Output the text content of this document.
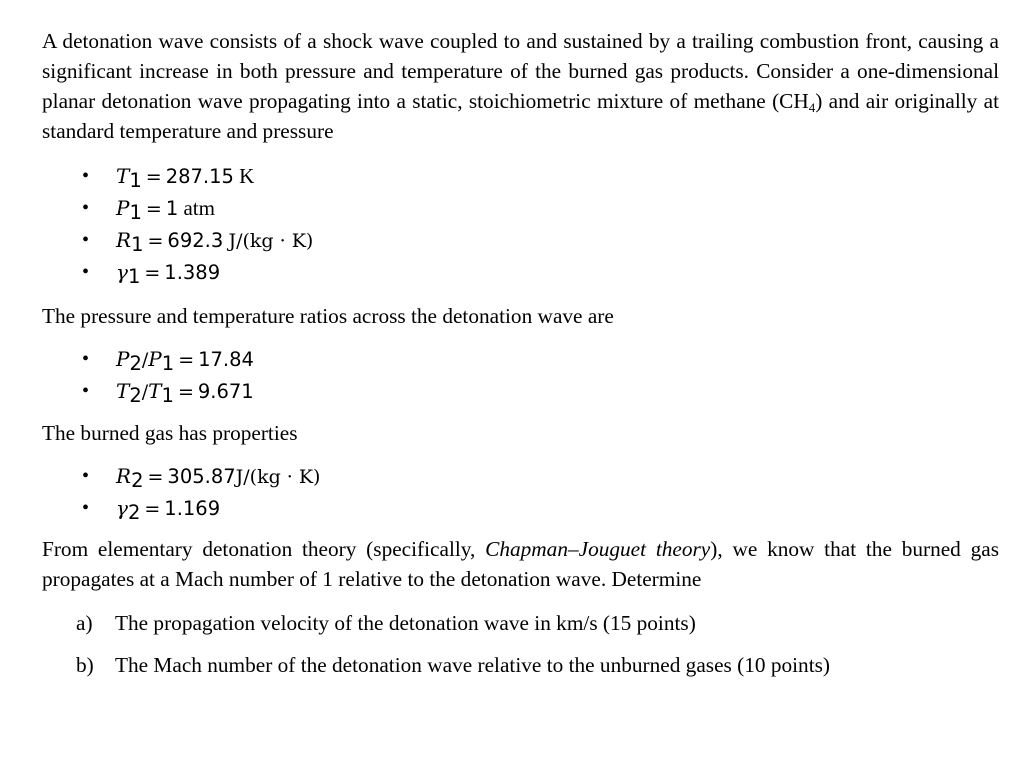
A detonation wave consists of a shock wave coupled to and sustained by a trailing combustion front, causing a significant increase in both pressure and temperature of the burned gas products. Consider a one-dimensional planar detonation wave propagating into a static, stoichiometric mixture of methane $(CH_4)$ and air originally at standard temperature and pressure

• $T_1 = 287.15$ K
• $P_1 = 1$ atm
• $R_1 = 692.3$ J/(kg · K)
• $\gamma_1 = 1.389$

The pressure and temperature ratios across the detonation wave are

• $P_2/P_1 = 17.84$
• $T_2/T_1 = 9.671$

The burned gas has properties

• $R_2 = 305.87J/(kg \cdot K)$
• $\gamma_2 = 1.169$

From elementary detonation theory (specifically, Chapman–Jouguet theory), we know that the burned gas propagates at a Mach number of 1 relative to the detonation wave. Determine

a) The propagation velocity of the detonation wave in km/s (15 points)
b) The Mach number of the detonation wave relative to the unburned gases (10 points)
